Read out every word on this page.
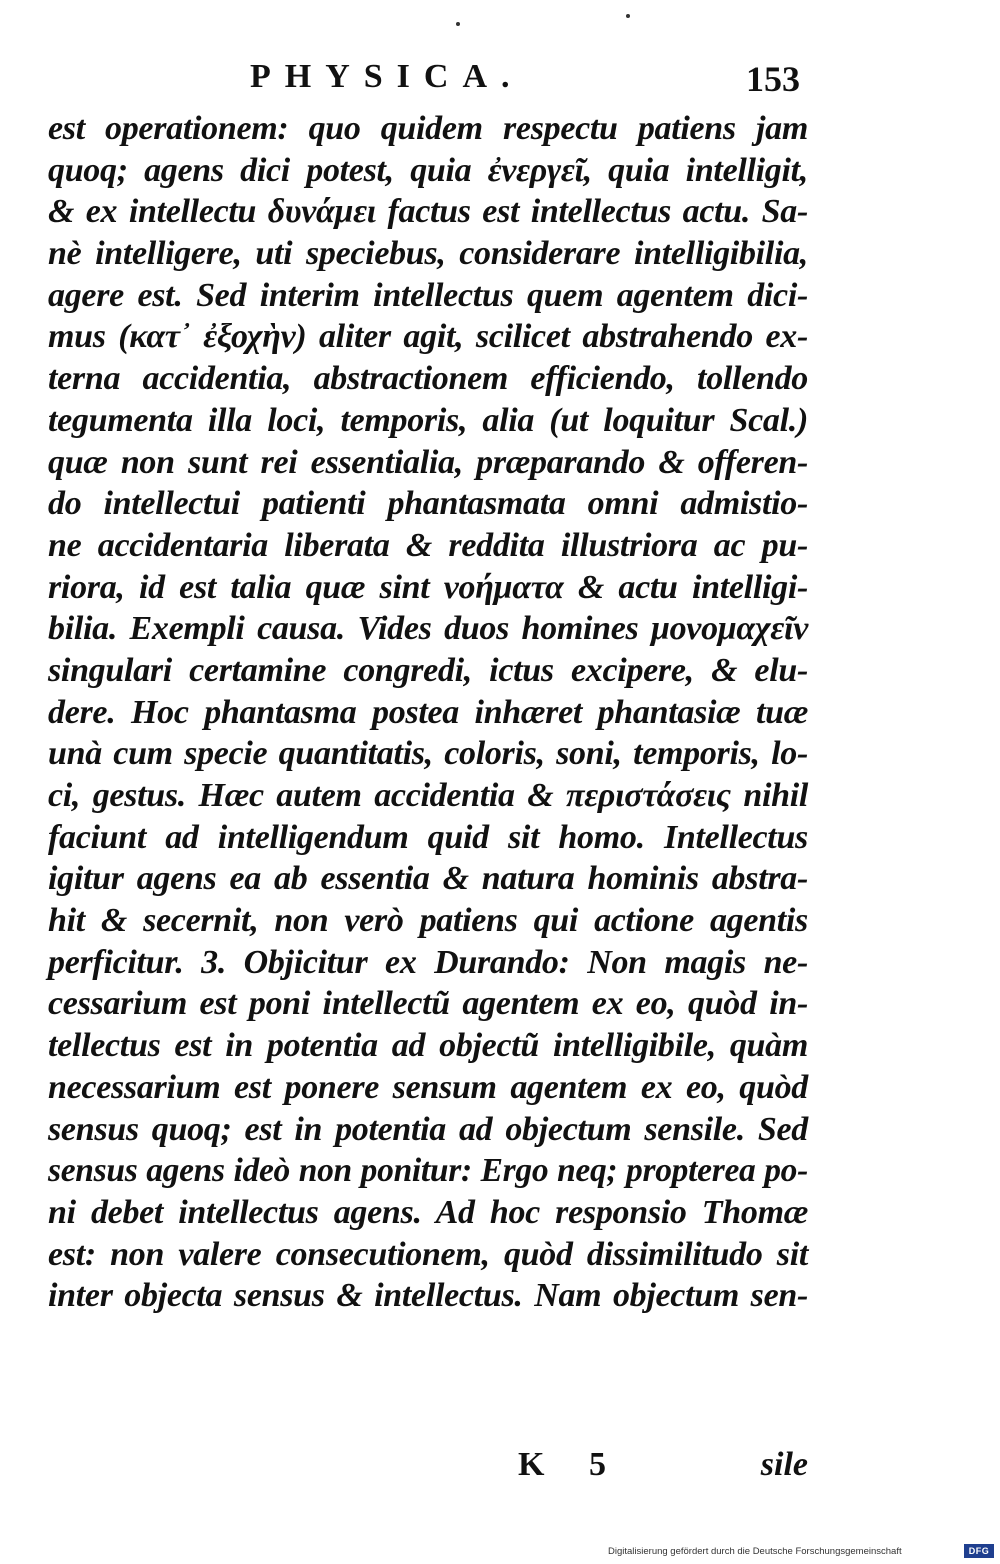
PHYSICA.	153
est operationem: quo quidem respectu patiens jam
quoq; agens dici potest, quia ἐνεργεῖ, quia intelligit,
& ex intellectu δυνάμει factus est intellectus actu. Sa-
nè intelligere, uti speciebus, considerare intelligibilia,
agere est. Sed interim intellectus quem agentem dici-
mus (κατ᾽ ἐξοχὴν) aliter agit, scilicet abstrahendo ex-
terna accidentia, abstractionem efficiendo, tollendo
tegumenta illa loci, temporis, alia (ut loquitur Scal.)
quæ non sunt rei essentialia, præparando & offeren-
do intellectui patienti phantasmata omni admistio-
ne accidentaria liberata & reddita illustriora ac pu-
riora, id est talia quæ sint νοήματα & actu intelligi-
bilia. Exempli causa. Vides duos homines μονομαχεῖν
singulari certamine congredi, ictus excipere, & elu-
dere. Hoc phantasma postea inhæret phantasiæ tuæ
unà cum specie quantitatis, coloris, soni, temporis, lo-
ci, gestus. Hæc autem accidentia & περιστάσεις nihil
faciunt ad intelligendum quid sit homo. Intellectus
igitur agens ea ab essentia & natura hominis abstra-
hit & secernit, non verò patiens qui actione agentis
perficitur. 3. Objicitur ex Durando: Non magis ne-
cessarium est poni intellectũ agentem ex eo, quòd in-
tellectus est in potentia ad objectũ intelligibile, quàm
necessarium est ponere sensum agentem ex eo, quòd
sensus quoq; est in potentia ad objectum sensile. Sed
sensus agens ideò non ponitur: Ergo neq; propterea po-
ni debet intellectus agens. Ad hoc responsio Thomæ
est: non valere consecutionem, quòd dissimilitudo sit
inter objecta sensus & intellectus. Nam objectum sen-
K 5	sile
Digitalisierung gefördert durch die Deutsche Forschungsgemeinschaft	DFG
